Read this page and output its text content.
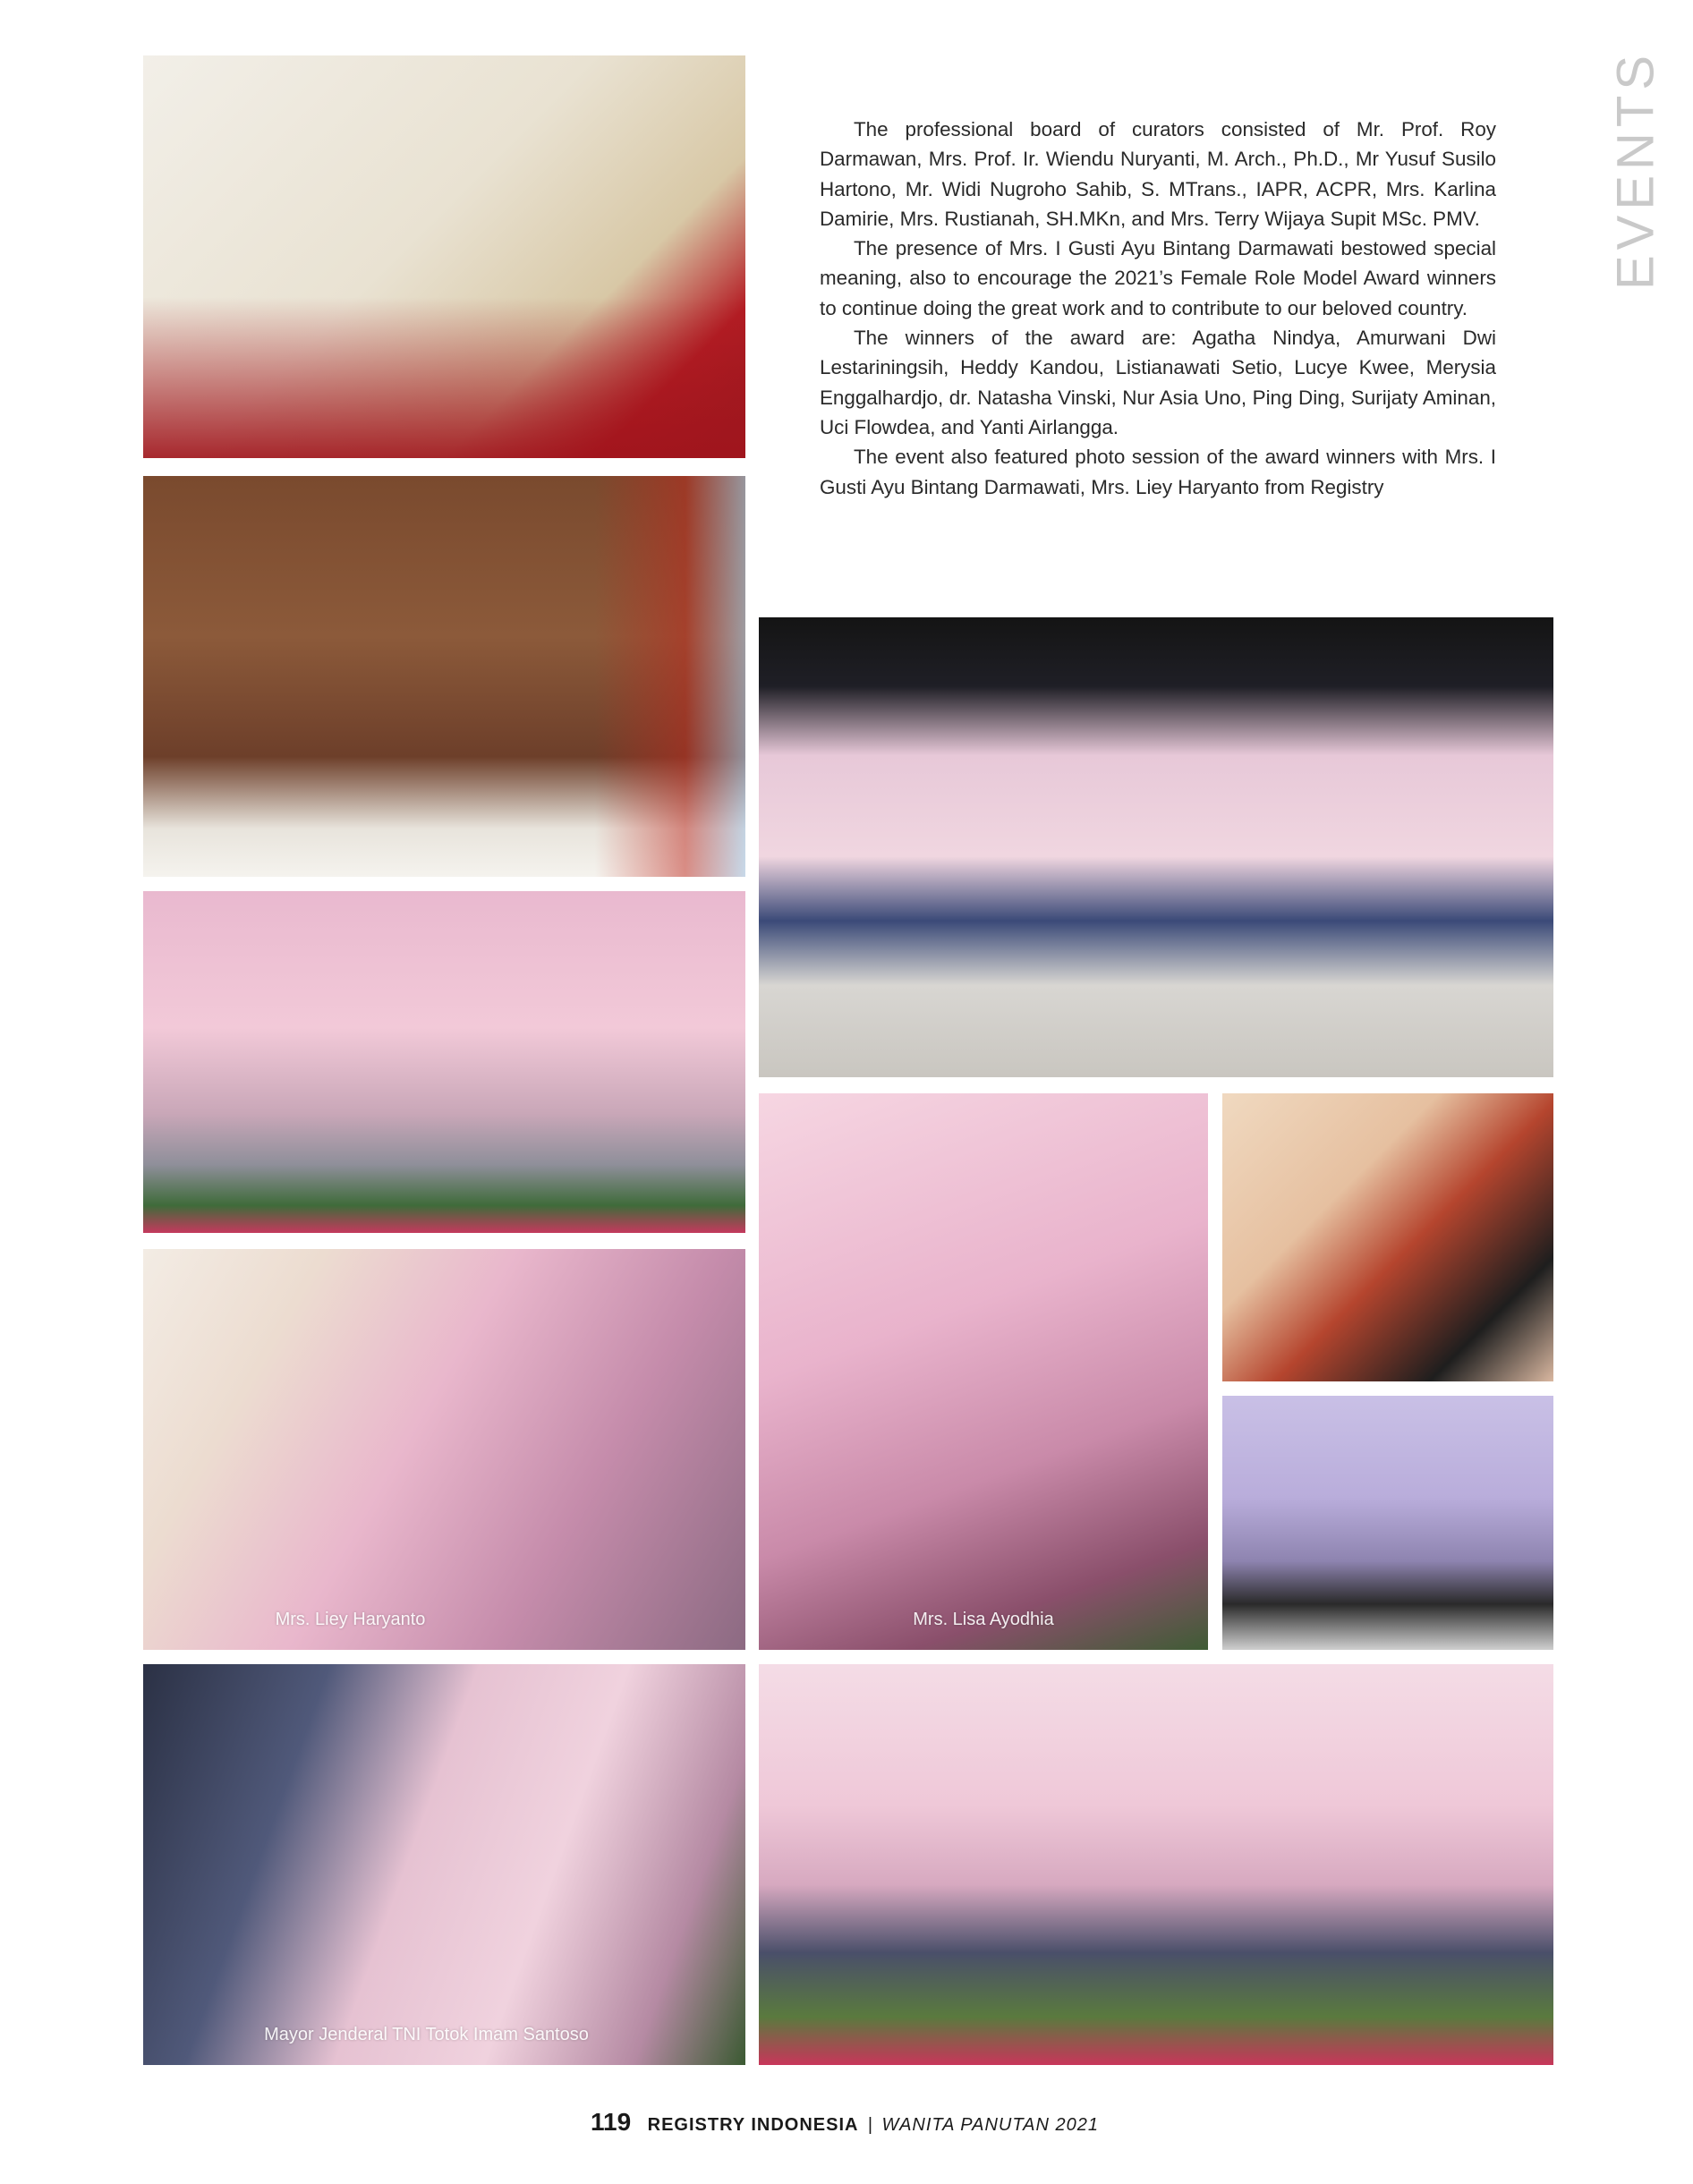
Mrs. Lisa Ayodhia
Mrs. Liey Haryanto
Mayor Jenderal TNI Totok Imam Santoso
EVENTS

The professional board of curators consisted of Mr. Prof. Roy Darmawan, Mrs. Prof. Ir. Wiendu Nuryanti, M. Arch., Ph.D., Mr Yusuf Susilo Hartono, Mr. Widi Nugroho Sahib, S. MTrans., IAPR, ACPR, Mrs. Karlina Damirie, Mrs. Rustianah, SH.MKn, and Mrs. Terry Wijaya Supit MSc. PMV.

The presence of Mrs. I Gusti Ayu Bintang Darmawati bestowed special meaning, also to encourage the 2021’s Female Role Model Award winners to continue doing the great work and to contribute to our beloved country.

The winners of the award are: Agatha Nindya, Amurwani Dwi Lestariningsih, Heddy Kandou, Listianawati Setio, Lucye Kwee, Merysia Enggalhardjo, dr. Natasha Vinski, Nur Asia Uno, Ping Ding, Surijaty Aminan, Uci Flowdea, and Yanti Airlangga.

The event also featured photo session of the award winners with Mrs. I Gusti Ayu Bintang Darmawati, Mrs. Liey Haryanto from Registry

119 REGISTRY INDONESIA | WANITA PANUTAN 2021
